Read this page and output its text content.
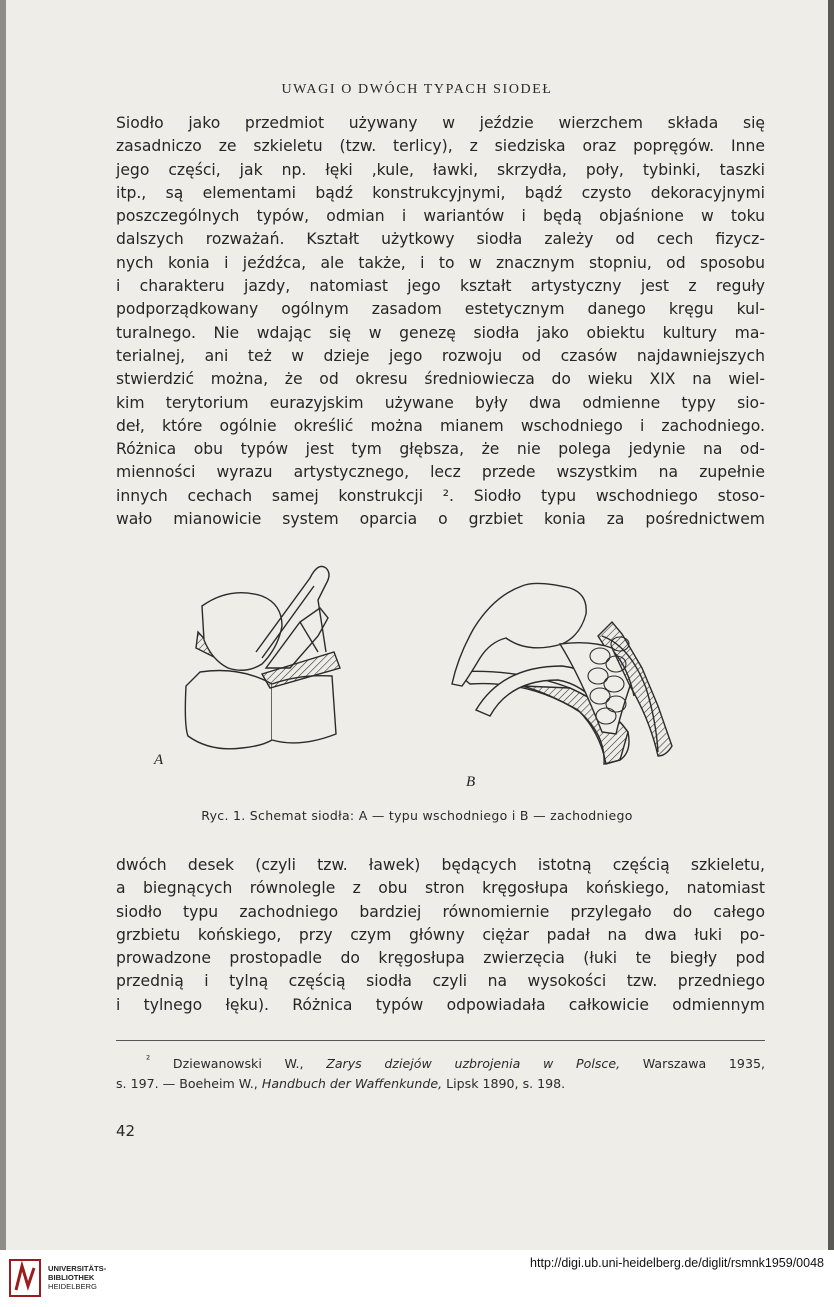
UWAGI O DWÓCH TYPACH SIODEŁ
Siodło jako przedmiot używany w jeździe wierzchem składa się
zasadniczo ze szkieletu (tzw. terlicy), z siedziska oraz popręgów. Inne
jego części, jak np. łęki ,kule, ławki, skrzydła, poły, tybinki, taszki
itp., są elementami bądź konstrukcyjnymi, bądź czysto dekoracyjnymi
poszczególnych typów, odmian i wariantów i będą objaśnione w toku
dalszych rozważań. Kształt użytkowy siodła zależy od cech fizycz-
nych konia i jeźdźca, ale także, i to w znacznym stopniu, od sposobu
i charakteru jazdy, natomiast jego kształt artystyczny jest z reguły
podporządkowany ogólnym zasadom estetycznym danego kręgu kul-
turalnego. Nie wdając się w genezę siodła jako obiektu kultury ma-
terialnej, ani też w dzieje jego rozwoju od czasów najdawniejszych
stwierdzić można, że od okresu średniowiecza do wieku XIX na wiel-
kim terytorium eurazyjskim używane były dwa odmienne typy sio-
deł, które ogólnie określić można mianem wschodniego i zachodniego.
Różnica obu typów jest tym głębsza, że nie polega jedynie na od-
mienności wyrazu artystycznego, lecz przede wszystkim na zupełnie
innych cechach samej konstrukcji ². Siodło typu wschodniego stoso-
wało mianowicie system oparcia o grzbiet konia za pośrednictwem
A
B
Ryc. 1. Schemat siodła: A — typu wschodniego i B — zachodniego
dwóch desek (czyli tzw. ławek) będących istotną częścią szkieletu,
a biegnących równolegle z obu stron kręgosłupa końskiego, natomiast
siodło typu zachodniego bardziej równomiernie przylegało do całego
grzbietu końskiego, przy czym główny ciężar padał na dwa łuki po-
prowadzone prostopadle do kręgosłupa zwierzęcia (łuki te biegły pod
przednią i tylną częścią siodła czyli na wysokości tzw. przedniego
i tylnego łęku). Różnica typów odpowiadała całkowicie odmiennym
$^{^2}$ Dziewanowski W., Zarys dziejów uzbrojenia w Polsce, Warszawa 1935,
s. 197. — Boeheim W., Handbuch der Waffenkunde, Lipsk 1890, s. 198.
42
UNIVERSITÄTS-
BIBLIOTHEK
HEIDELBERG
http://digi.ub.uni-heidelberg.de/diglit/rsmnk1959/0048
